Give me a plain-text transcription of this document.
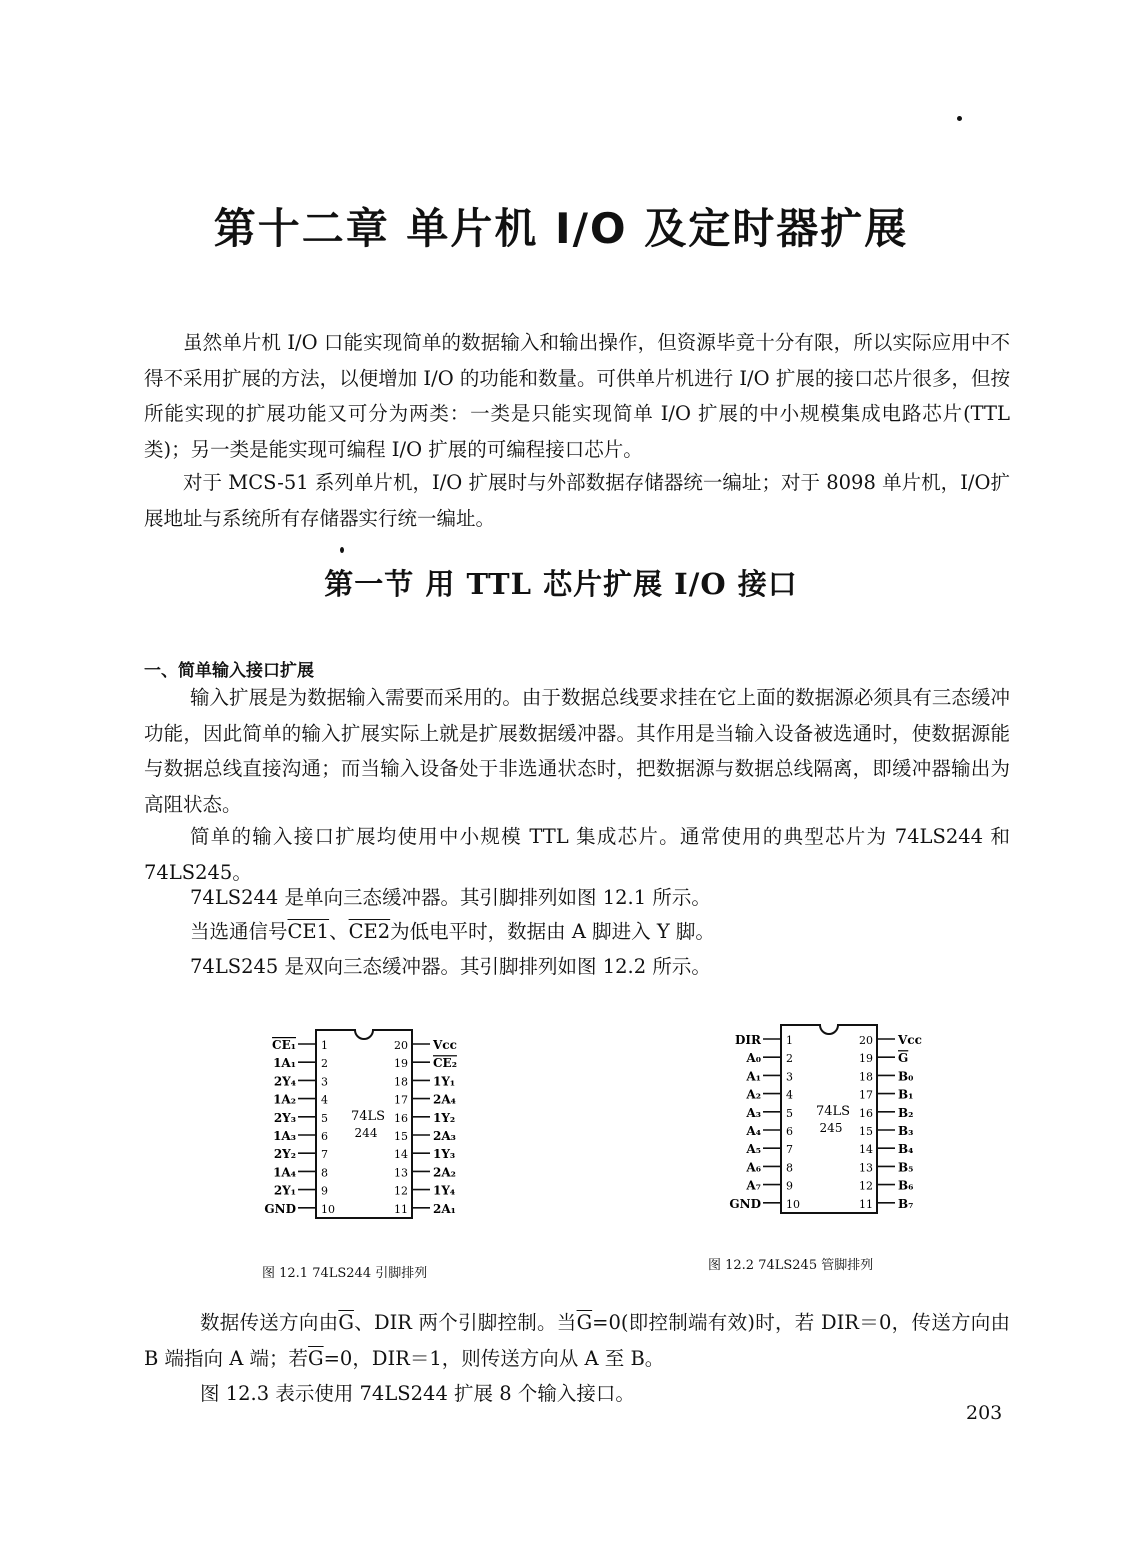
第十二章 单片机 I/O 及定时器扩展

虽然单片机 I/O 口能实现简单的数据输入和输出操作，但资源毕竟十分有限，所以实际应用中不得不采用扩展的方法，以便增加 I/O 的功能和数量。可供单片机进行 I/O 扩展的接口芯片很多，但按所能实现的扩展功能又可分为两类：一类是只能实现简单 I/O 扩展的中小规模集成电路芯片(TTL 类)；另一类是能实现可编程 I/O 扩展的可编程接口芯片。

对于 MCS-51 系列单片机，I/O 扩展时与外部数据存储器统一编址；对于 8098 单片机，I/O扩展地址与系统所有存储器实行统一编址。

第一节 用 TTL 芯片扩展 I/O 接口
一、简单输入接口扩展

输入扩展是为数据输入需要而采用的。由于数据总线要求挂在它上面的数据源必须具有三态缓冲功能，因此简单的输入扩展实际上就是扩展数据缓冲器。其作用是当输入设备被选通时，使数据源能与数据总线直接沟通；而当输入设备处于非选通状态时，把数据源与数据总线隔离，即缓冲器输出为高阻状态。

简单的输入接口扩展均使用中小规模 TTL 集成芯片。通常使用的典型芯片为 74LS244 和 74LS245。

74LS244 是单向三态缓冲器。其引脚排列如图 12.1 所示。

当选通信号CE1、CE2为低电平时，数据由 A 脚进入 Y 脚。

74LS245 是双向三态缓冲器。其引脚排列如图 12.2 所示。

74LS
244
1
CE₁
2
1A₁
3
2Y₄
4
1A₂
5
2Y₃
6
1A₃
7
2Y₂
8
1A₄
9
2Y₁
10
GND
20 Vcc
19 CE₂
18 1Y₁
17 2A₄
16 1Y₂
15 2A₃
14 1Y₃
13 2A₂
12 1Y₄
11 2A₁
图 12.1 74LS244 引脚排列
74LS
245
1
DIR
2
A₀
3
A₁
4
A₂
5
A₃
6
A₄
7
A₅
8
A₆
9
A₇
10
GND
20 Vcc
19 G
18 B₀
17 B₁
16 B₂
15 B₃
14 B₄
13 B₅
12 B₆
11 B₇
图 12.2 74LS245 管脚排列

数据传送方向由$\overline{G}$、DIR 两个引脚控制。当$\overline{G}=0$(即控制端有效)时，若 DIR＝0，传送方向由 B 端指向 A 端；若$\overline{G}=0$，DIR＝1，则传送方向从 A 至 B。

图 12.3 表示使用 74LS244 扩展 8 个输入接口。

203
